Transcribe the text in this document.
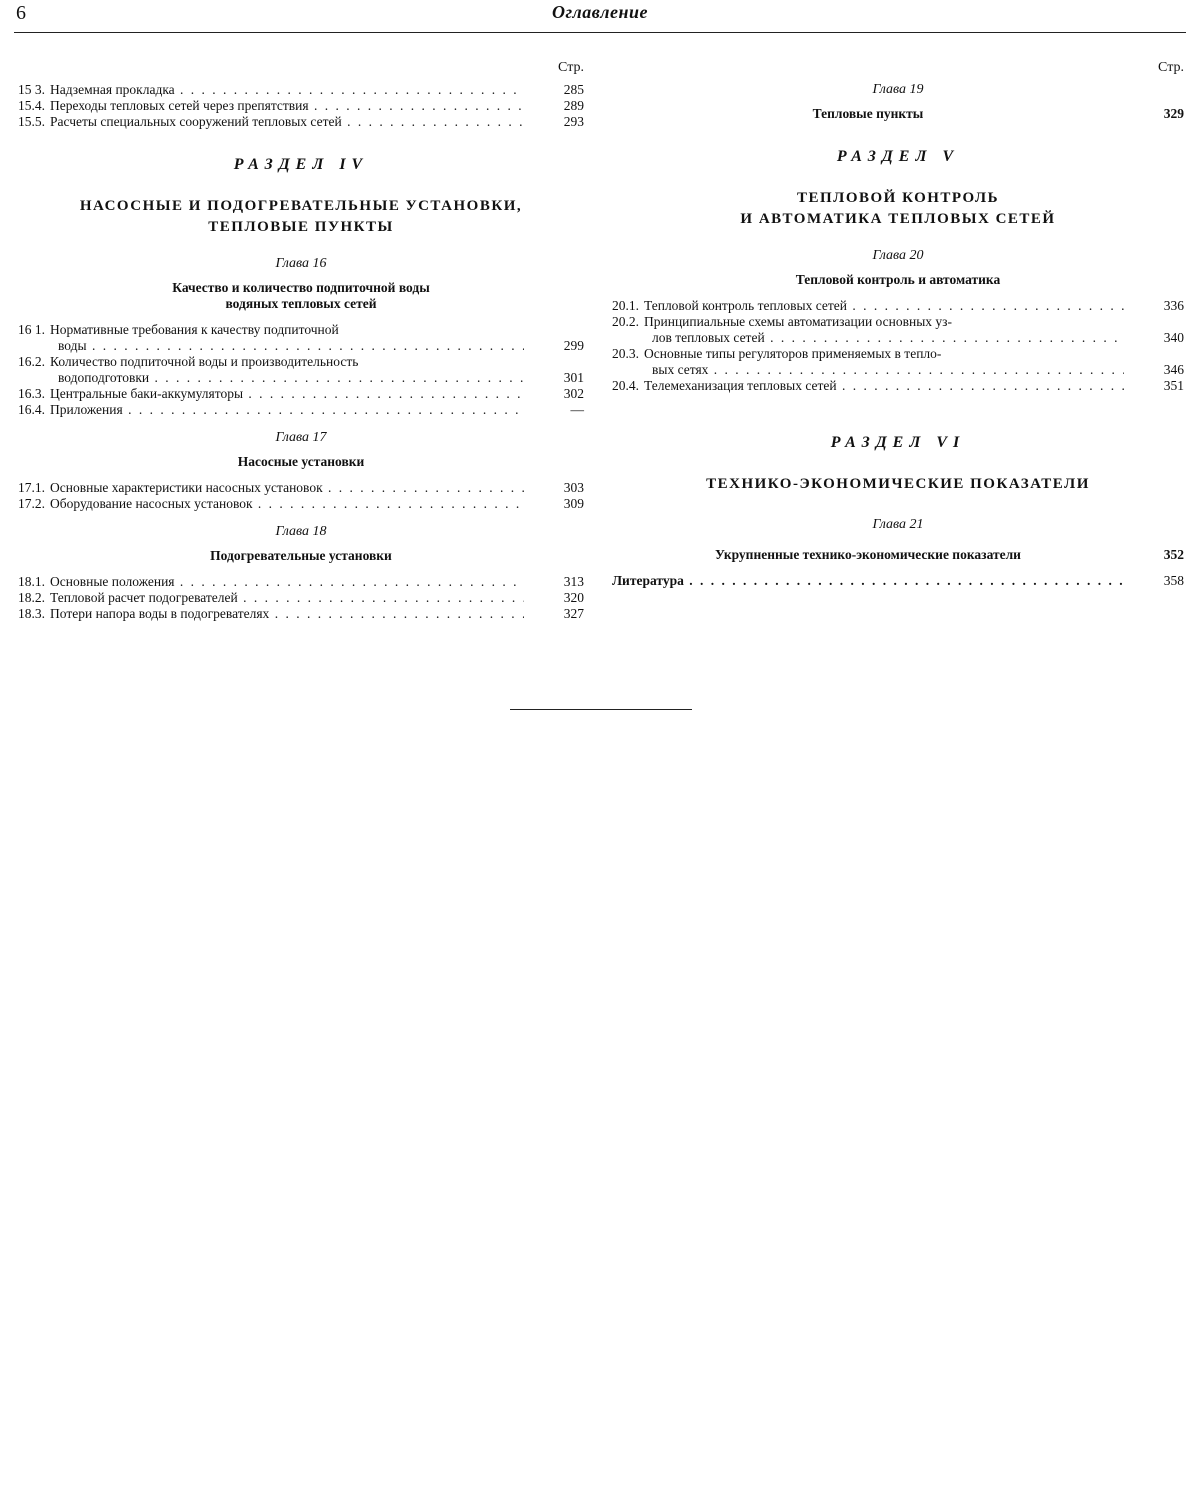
6	Оглавление
Стр.
15 3. Надземная прокладка . . .	285
15.4. Переходы тепловых сетей через препятствия . . .	289
15.5. Расчеты специальных сооружений тепловых сетей . . .	293
РАЗДЕЛ IV
НАСОСНЫЕ И ПОДОГРЕВАТЕЛЬНЫЕ УСТАНОВКИ,
ТЕПЛОВЫЕ ПУНКТЫ
Глава 16
Качество и количество подпиточной воды
водяных тепловых сетей
16 1. Нормативные требования к качеству подпиточной
воды . . .	299
16.2. Количество подпиточной воды и производительность
водоподготовки . . .	301
16.3. Центральные баки-аккумуляторы . . .	302
16.4. Приложения . . .	—
Глава 17
Насосные установки
17.1. Основные характеристики насосных установок . . .	303
17.2. Оборудование насосных установок . . .	309
Глава 18
Подогревательные установки
18.1. Основные положения . . .	313
18.2. Тепловой расчет подогревателей . . .	320
18.3. Потери напора воды в подогревателях . . .	327
Стр.
Глава 19
Тепловые пункты	329
РАЗДЕЛ V
ТЕПЛОВОЙ КОНТРОЛЬ
И АВТОМАТИКА ТЕПЛОВЫХ СЕТЕЙ
Глава 20
Тепловой контроль и автоматика
20.1. Тепловой контроль тепловых сетей . . .	336
20.2. Принципиальные схемы автоматизации основных уз-
лов тепловых сетей . . .	340
20.3. Основные типы регуляторов применяемых в тепло-
вых сетях . . .	346
20.4. Телемеханизация тепловых сетей . . .	351
РАЗДЕЛ VI
ТЕХНИКО-ЭКОНОМИЧЕСКИЕ ПОКАЗАТЕЛИ
Глава 21
Укрупненные технико-экономические показатели	352
Литература . . .	358
